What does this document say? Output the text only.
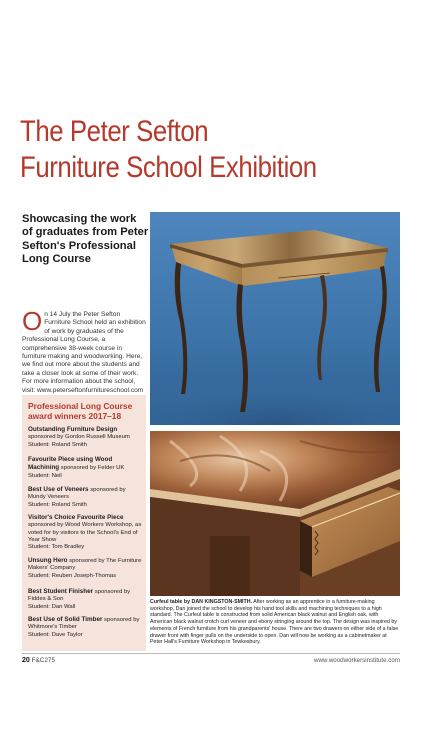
The Peter Sefton
Furniture School Exhibition
Showcasing the work of graduates from Peter Sefton's Professional Long Course
On 14 July the Peter Sefton Furniture School held an exhibition of work by graduates of the Professional Long Course, a comprehensive 38-week course in furniture making and woodworking. Here, we find out more about the students and take a closer look at some of their work. For more information about the school, visit: www.peterseftonfurnitureschool.com
Professional Long Course award winners 2017–18
Outstanding Furniture Design sponsored by Gordon Russell Museum
Student: Roland Smith
Favourite Piece using Wood Machining sponsored by Felder UK
Student: Neil
Best Use of Veneers sponsored by Mundy Veneers
Student: Roland Smith
Visitor's Choice Favourite Piece sponsored by Wood Workers Workshop, as voted for by visitors to the School's End of Year Show
Student: Tom Bradley
Unsung Hero sponsored by The Furniture Makers' Company
Student: Reuben Joseph-Thomas
Best Student Finisher sponsored by Fiddes & Son
Student: Dan Wall
Best Use of Solid Timber sponsored by Whitmore's Timber
Student: Dave Taylor
Curfeul table by DAN KINGSTON-SMITH. After working as an apprentice in a furniture-making workshop, Dan joined the school to develop his hand tool skills and machining techniques to a high standard. The Curfeul table is constructed from solid American black walnut and English oak, with American black walnut crotch curl veneer and ebony stringing around the top. The design was inspired by elements of French furniture from his grandparents' house. There are two drawers on either side of a false drawer front with finger pulls on the underside to open. Dan will now be working as a cabinetmaker at Peter Hall's Furniture Workshop in Tewkesbury.
20 F&C275	www.woodworkersinstitute.com
